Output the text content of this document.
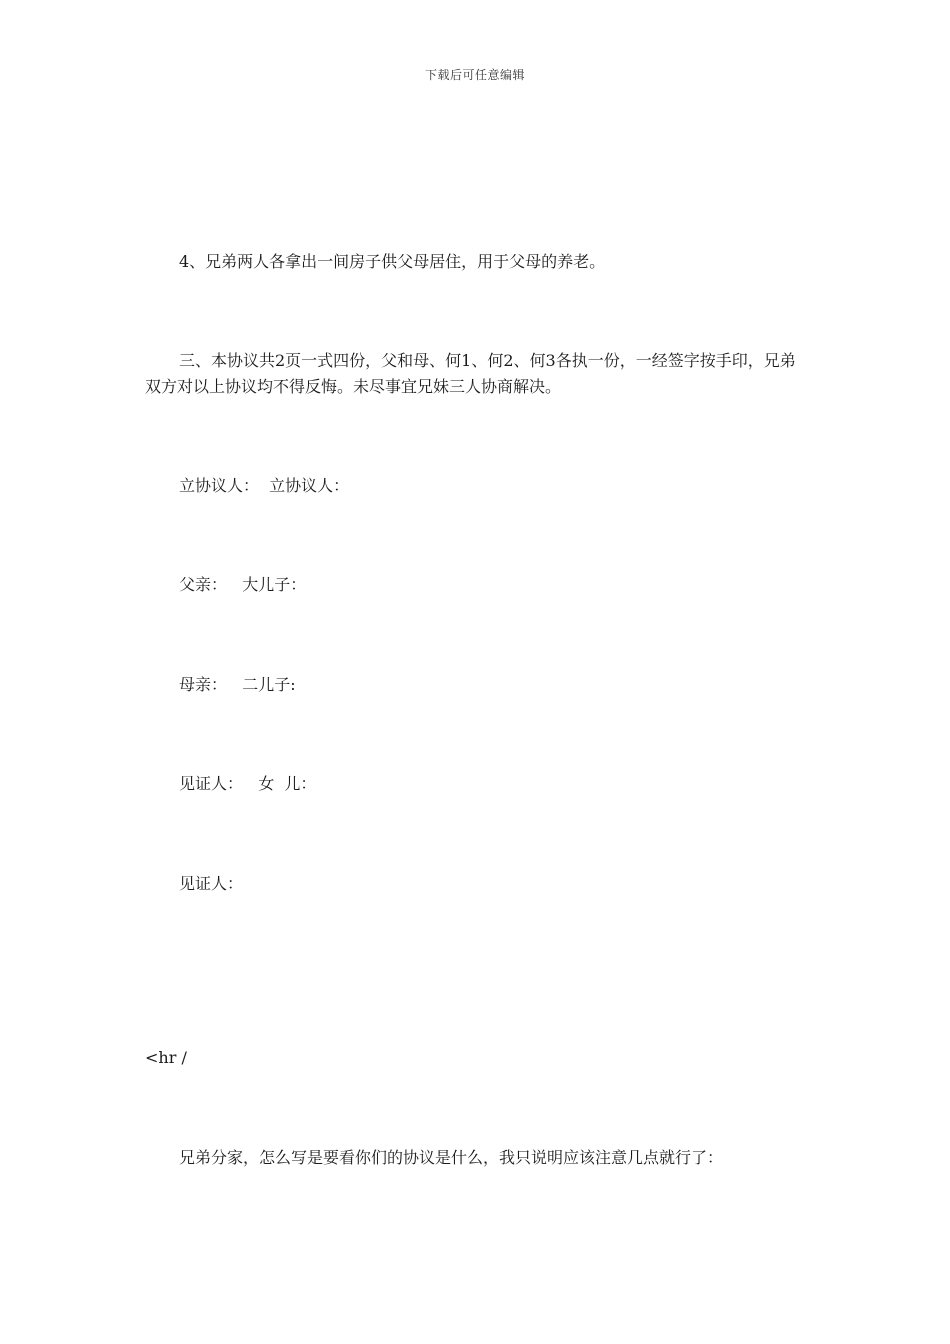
下载后可任意编辑
4、兄弟两人各拿出一间房子供父母居住，用于父母的养老。
三、本协议共2页一式四份，父和母、何1、何2、何3各执一份，一经签字按手印，兄弟双方对以上协议均不得反悔。未尽事宜兄妹三人协商解决。
立协议人：  立协议人：
父亲：   大儿子：
母亲：   二儿子:
见证人：   女  儿：
见证人：
<hr /
兄弟分家，怎么写是要看你们的协议是什么，我只说明应该注意几点就行了：
